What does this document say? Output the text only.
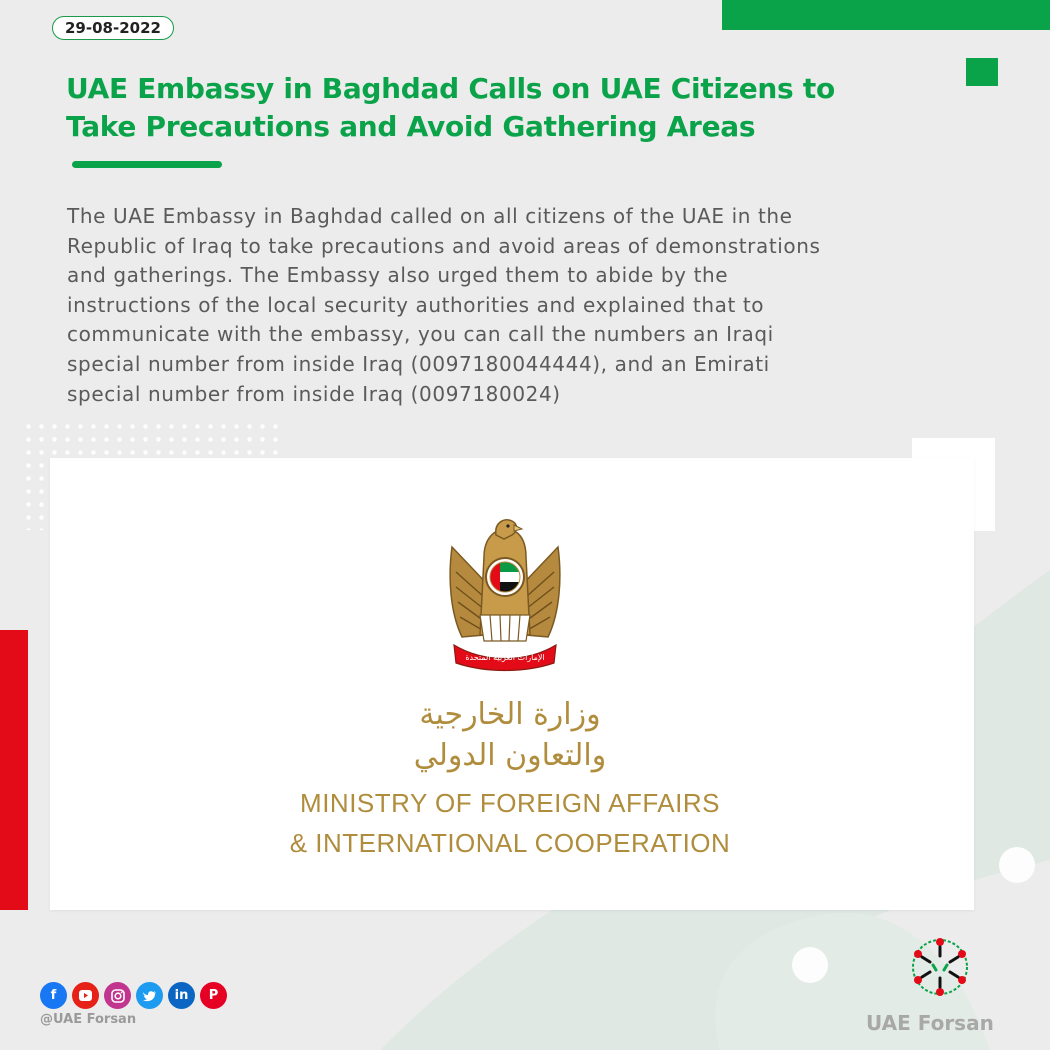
29-08-2022
UAE Embassy in Baghdad Calls on UAE Citizens to
Take Precautions and Avoid Gathering Areas

The UAE Embassy in Baghdad called on all citizens of the UAE in the
Republic of Iraq to take precautions and avoid areas of demonstrations
and gatherings. The Embassy also urged them to abide by the
instructions of the local security authorities and explained that to
communicate with the embassy, you can call the numbers an Iraqi
special number from inside Iraq (0097180044444), and an Emirati
special number from inside Iraq (0097180024)

الإمارات العربية المتحدة
وزارة الخارجية
والتعاون الدولي
MINISTRY OF FOREIGN AFFAIRS
& INTERNATIONAL COOPERATION
f	in	P
@UAE Forsan	UAE Forsan
